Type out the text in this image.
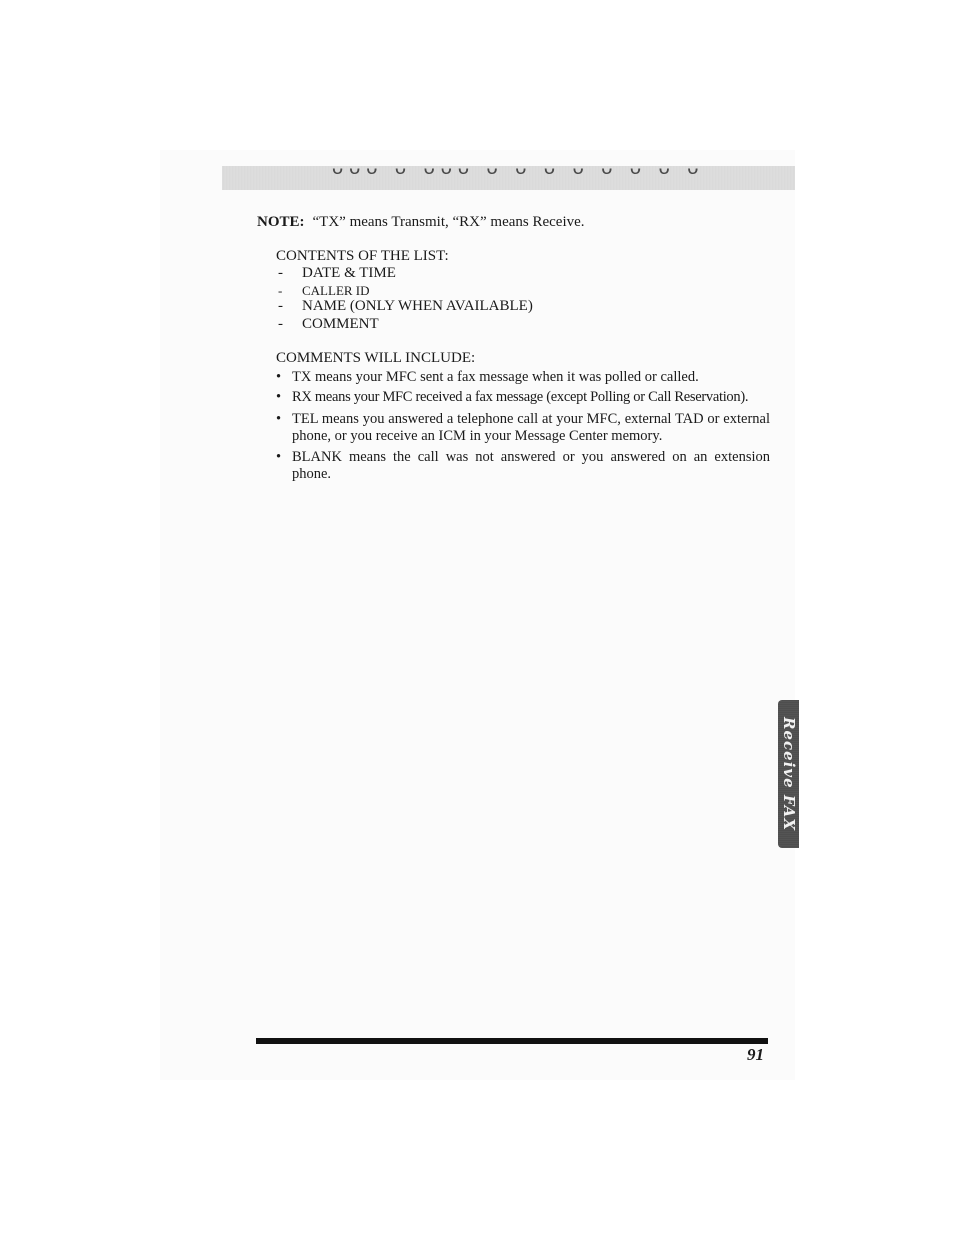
ᴗᴗᴗ ᴗ ᴗᴗᴗ ᴗ ᴗ ᴗ ᴗ ᴗ ᴗ ᴗ ᴗ
NOTE: “TX” means Transmit, “RX” means Receive.
CONTENTS OF THE LIST:
- DATE & TIME
- CALLER ID
- NAME (ONLY WHEN AVAILABLE)
- COMMENT
COMMENTS WILL INCLUDE:
• TX means your MFC sent a fax message when it was polled or called.
• RX means your MFC received a fax message (except Polling or Call Reservation).
• TEL means you answered a telephone call at your MFC, external TAD or external phone, or you receive an ICM in your Message Center memory.
• BLANK means the call was not answered or you answered on an extension phone.
Receive FAX
91
